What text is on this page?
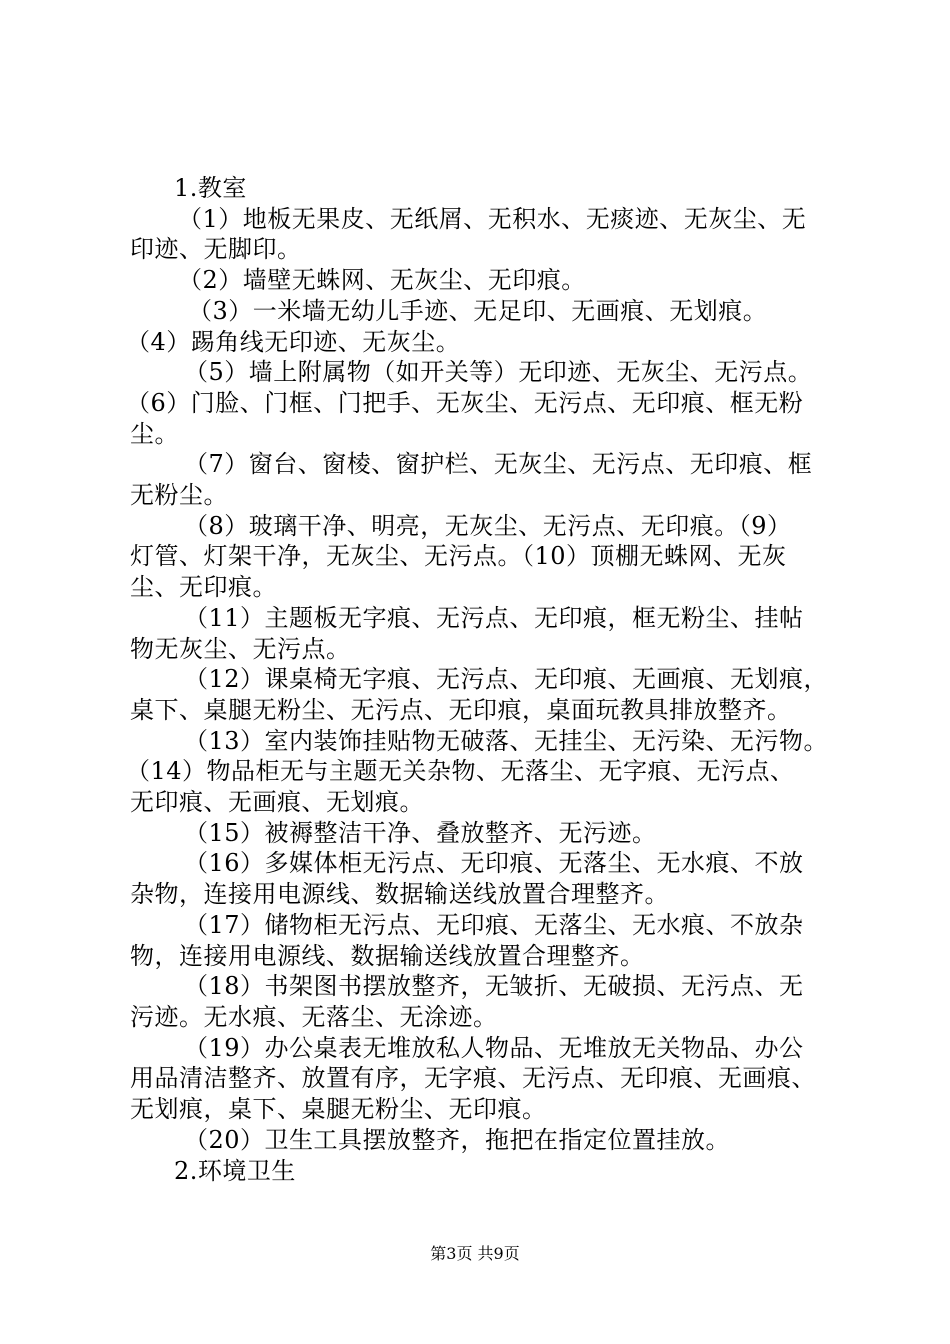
1.教室

（1）地板无果皮、无纸屑、无积水、无痰迹、无灰尘、无

印迹、无脚印。

（2）墙壁无蛛网、无灰尘、无印痕。

（3）一米墙无幼儿手迹、无足印、无画痕、无划痕。

（4）踢角线无印迹、无灰尘。

（5）墙上附属物（如开关等）无印迹、无灰尘、无污点。

（6）门脸、门框、门把手、无灰尘、无污点、无印痕、框无粉

尘。

（7）窗台、窗棱、窗护栏、无灰尘、无污点、无印痕、框

无粉尘。

（8）玻璃干净、明亮，无灰尘、无污点、无印痕。（9）

灯管、灯架干净，无灰尘、无污点。（10）顶棚无蛛网、无灰

尘、无印痕。

（11）主题板无字痕、无污点、无印痕，框无粉尘、挂帖

物无灰尘、无污点。

（12）课桌椅无字痕、无污点、无印痕、无画痕、无划痕，

桌下、桌腿无粉尘、无污点、无印痕，桌面玩教具排放整齐。

（13）室内装饰挂贴物无破落、无挂尘、无污染、无污物。

（14）物品柜无与主题无关杂物、无落尘、无字痕、无污点、

无印痕、无画痕、无划痕。

（15）被褥整洁干净、叠放整齐、无污迹。

（16）多媒体柜无污点、无印痕、无落尘、无水痕、不放

杂物，连接用电源线、数据输送线放置合理整齐。

（17）储物柜无污点、无印痕、无落尘、无水痕、不放杂

物，连接用电源线、数据输送线放置合理整齐。

（18）书架图书摆放整齐，无皱折、无破损、无污点、无

污迹。无水痕、无落尘、无涂迹。

（19）办公桌表无堆放私人物品、无堆放无关物品、办公

用品清洁整齐、放置有序，无字痕、无污点、无印痕、无画痕、

无划痕，桌下、桌腿无粉尘、无印痕。

（20）卫生工具摆放整齐，拖把在指定位置挂放。

2.环境卫生

第3页 共9页
